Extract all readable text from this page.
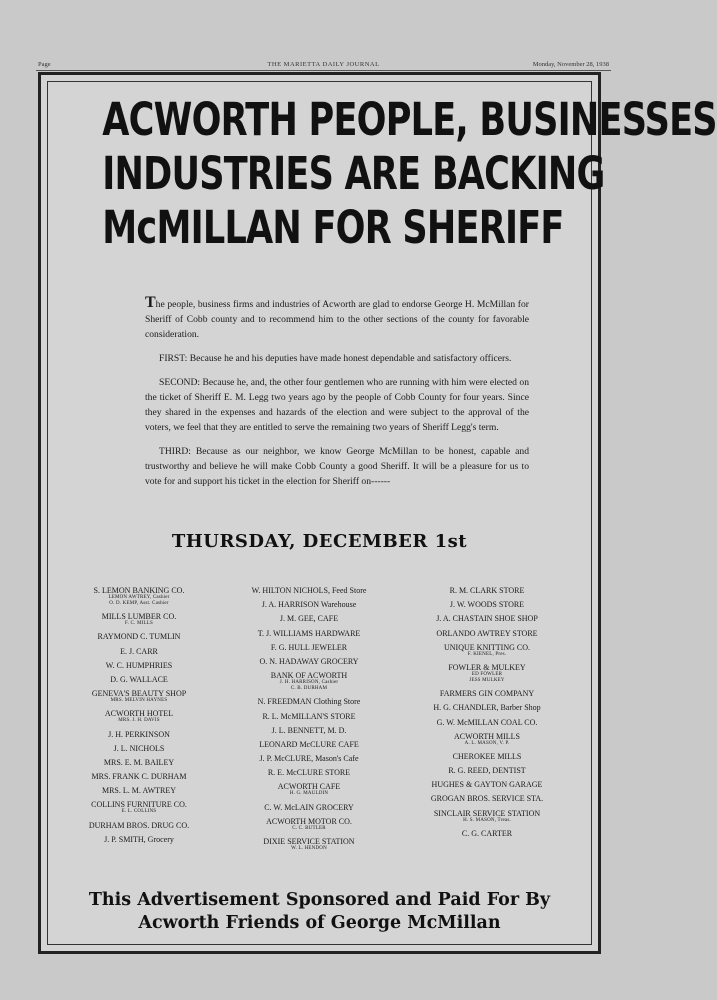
Page	THE MARIETTA DAILY JOURNAL	Monday, November 28, 1938
ACWORTH PEOPLE, BUSINESSES
INDUSTRIES ARE BACKING
McMILLAN FOR SHERIFF

The people, business firms and industries of Acworth are glad to endorse George H. McMillan for Sheriff of Cobb county and to recommend him to the other sections of the county for favorable consideration.

FIRST: Because he and his deputies have made honest dependable and satisfactory officers.

SECOND: Because he, and, the other four gentlemen who are running with him were elected on the ticket of Sheriff E. M. Legg two years ago by the people of Cobb County for four years. Since they shared in the expenses and hazards of the election and were subject to the approval of the voters, we feel that they are entitled to serve the remaining two years of Sheriff Legg's term.

THIRD: Because as our neighbor, we know George McMillan to be honest, capable and trustworthy and believe he will make Cobb County a good Sheriff. It will be a pleasure for us to vote for and support his ticket in the election for Sheriff on------

THURSDAY, DECEMBER 1st
S. LEMON BANKING CO.
LEMON AWTREY, Cashier
O. D. KEMP, Asst. Cashier
MILLS LUMBER CO.
F. C. MILLS
RAYMOND C. TUMLIN
E. J. CARR
W. C. HUMPHRIES
D. G. WALLACE
GENEVA'S BEAUTY SHOP
MRS. MELVIN HAYNES
ACWORTH HOTEL
MRS. J. H. DAVIS
J. H. PERKINSON
J. L. NICHOLS
MRS. E. M. BAILEY
MRS. FRANK C. DURHAM
MRS. L. M. AWTREY
COLLINS FURNITURE CO.
E. L. COLLINS
DURHAM BROS. DRUG CO.
J. P. SMITH, Grocery
W. HILTON NICHOLS, Feed Store
J. A. HARRISON Warehouse
J. M. GEE, CAFE
T. J. WILLIAMS HARDWARE
F. G. HULL JEWELER
O. N. HADAWAY GROCERY
BANK OF ACWORTH
J. H. HARRISON, Cashier
C. B. DURHAM
N. FREEDMAN Clothing Store
R. L. McMILLAN'S STORE
J. L. BENNETT, M. D.
LEONARD McCLURE CAFE
J. P. McCLURE, Mason's Cafe
R. E. McCLURE STORE
ACWORTH CAFE
H. G. MAULDIN
C. W. McLAIN GROCERY
ACWORTH MOTOR CO.
C. C. BUTLER
DIXIE SERVICE STATION
W. L. HENDON
R. M. CLARK STORE
J. W. WOODS STORE
J. A. CHASTAIN SHOE SHOP
ORLANDO AWTREY STORE
UNIQUE KNITTING CO.
F. KIENEL, Pres.
FOWLER & MULKEY
ED FOWLER
JESS MULKEY
FARMERS GIN COMPANY
H. G. CHANDLER, Barber Shop
G. W. McMILLAN COAL CO.
ACWORTH MILLS
A. L. MASON, V. P.
CHEROKEE MILLS
R. G. REED, DENTIST
HUGHES & GAYTON GARAGE
GROGAN BROS. SERVICE STA.
SINCLAIR SERVICE STATION
H. S. MASON, Treas.
C. G. CARTER
This Advertisement Sponsored and Paid For By
Acworth Friends of George McMillan
